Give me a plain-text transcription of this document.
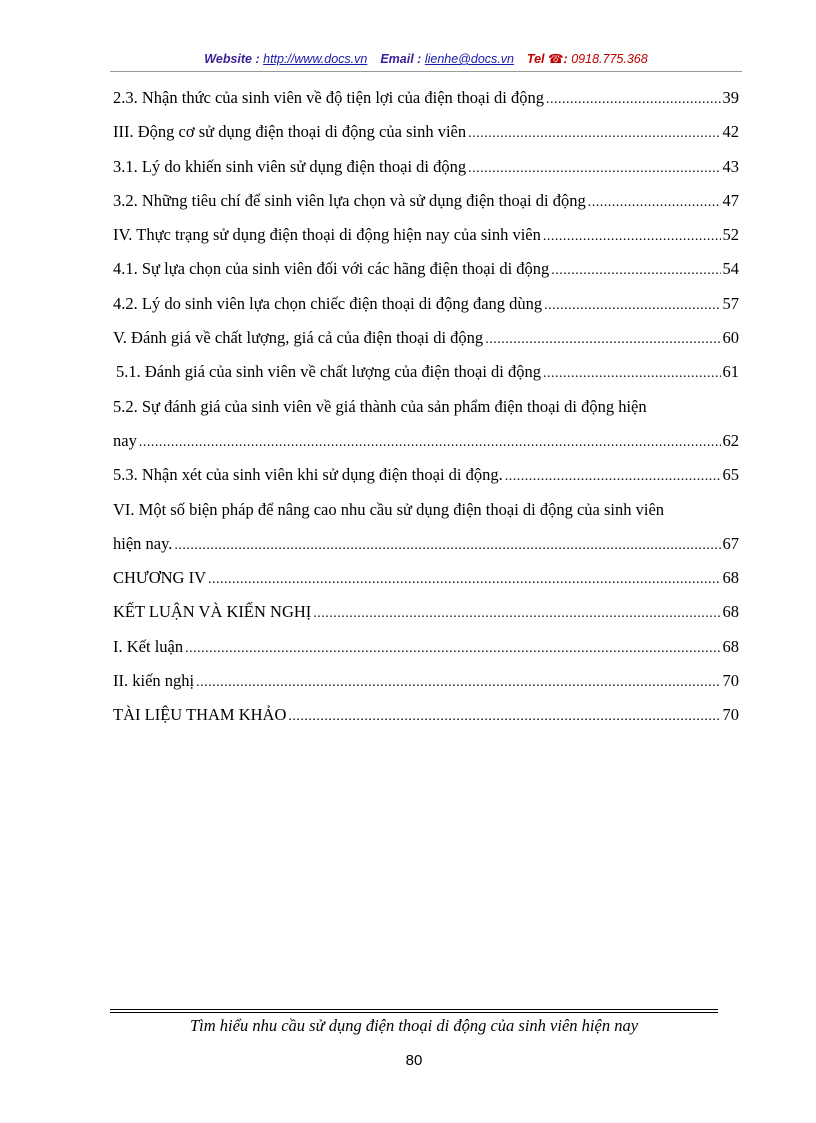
Website : http://www.docs.vn Email : lienhe@docs.vn Tel ☎: 0918.775.368
2.3. Nhận thức của sinh viên về độ tiện lợi của điện thoại di động .....	39
III. Động cơ sử dụng điện thoại di động của sinh viên .....	42
3.1. Lý do khiến sinh viên sử dụng điện thoại di động .....	43
3.2. Những tiêu chí để sinh viên lựa chọn và sử dụng điện thoại di động .....	47
IV. Thực trạng sử dụng điện thoại di động hiện nay của sinh viên .....	52
4.1. Sự lựa chọn của sinh viên đối với các hãng điện thoại di động .....	54
4.2. Lý do sinh viên lựa chọn chiếc điện thoại di động đang dùng .....	57
V. Đánh giá về chất lượng, giá cả của điện thoại di động .....	60
5.1. Đánh giá của sinh viên về chất lượng của điện thoại di động .....	61
5.2. Sự đánh giá của sinh viên về giá thành của sản phẩm điện thoại di động hiện
nay .....	62
5.3. Nhận xét của sinh viên khi sử dụng điện thoại di động. .....	65
VI. Một số biện pháp để nâng cao nhu cầu sử dụng điện thoại di động của sinh viên
hiện nay. .....	67
CHƯƠNG IV .....	68
KẾT LUẬN VÀ KIẾN NGHỊ .....	68
I. Kết luận .....	68
II. kiến nghị .....	70
TÀI LIỆU THAM KHẢO .....	70
Tìm hiểu nhu cầu sử dụng điện thoại di động của sinh viên hiện nay
80
